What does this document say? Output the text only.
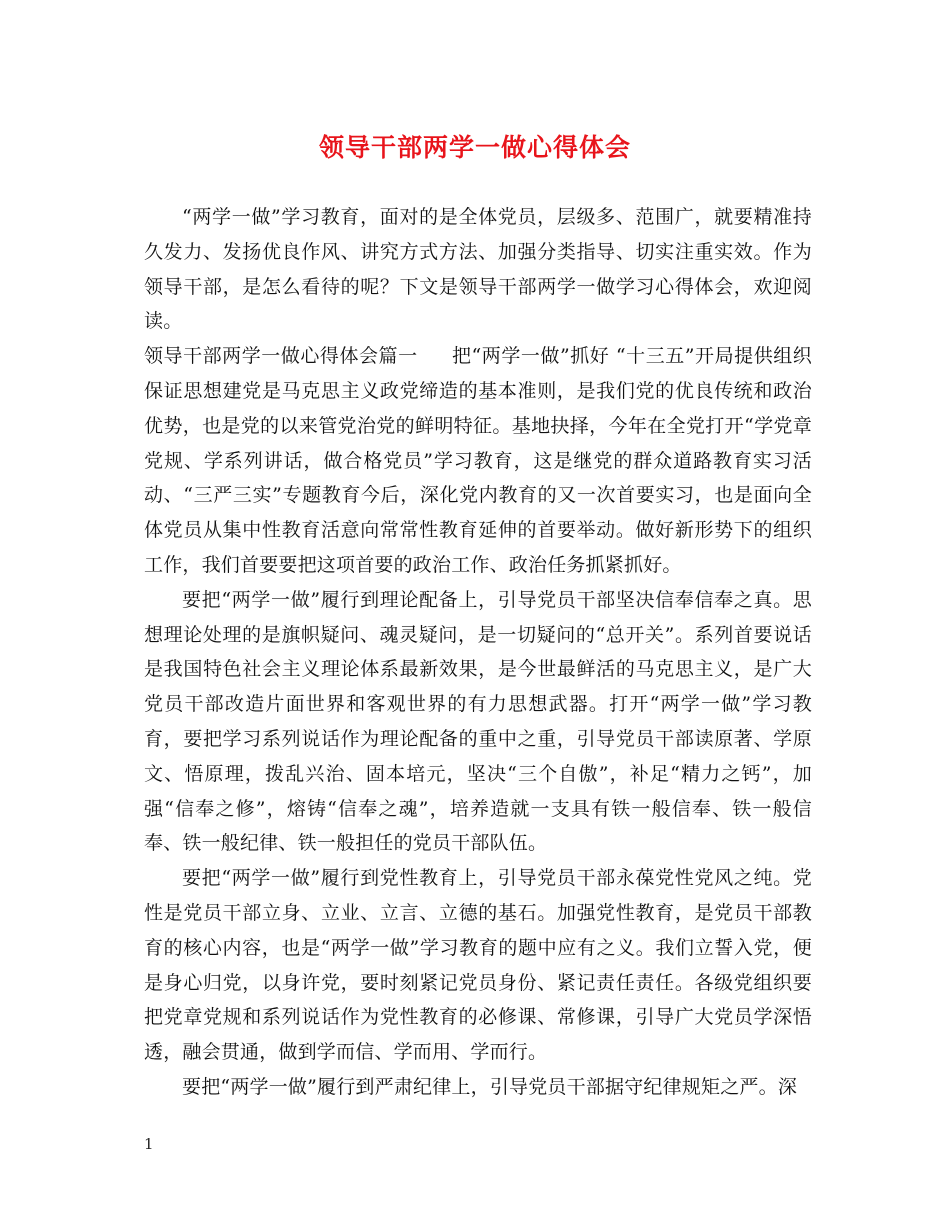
领导干部两学一做心得体会

“两学一做”学习教育，面对的是全体党员，层级多、范围广，就要精准持久发力、发扬优良作风、讲究方式方法、加强分类指导、切实注重实效。作为领导干部，是怎么看待的呢？下文是领导干部两学一做学习心得体会，欢迎阅读。

领导干部两学一做心得体会篇一 把“两学一做”抓好 “十三五”开局提供组织保证思想建党是马克思主义政党缔造的基本准则，是我们党的优良传统和政治优势，也是党的以来管党治党的鲜明特征。基地抉择，今年在全党打开“学党章党规、学系列讲话，做合格党员”学习教育，这是继党的群众道路教育实习活动、“三严三实”专题教育今后，深化党内教育的又一次首要实习，也是面向全体党员从集中性教育活意向常常性教育延伸的首要举动。做好新形势下的组织工作，我们首要要把这项首要的政治工作、政治任务抓紧抓好。

要把“两学一做”履行到理论配备上，引导党员干部坚决信奉信奉之真。思想理论处理的是旗帜疑问、魂灵疑问，是一切疑问的“总开关”。系列首要说话是我国特色社会主义理论体系最新效果，是今世最鲜活的马克思主义，是广大党员干部改造片面世界和客观世界的有力思想武器。打开“两学一做”学习教育，要把学习系列说话作为理论配备的重中之重，引导党员干部读原著、学原文、悟原理，拨乱兴治、固本培元，坚决“三个自傲”，补足“精力之钙”，加强“信奉之修”，熔铸“信奉之魂”，培养造就一支具有铁一般信奉、铁一般信奉、铁一般纪律、铁一般担任的党员干部队伍。

要把“两学一做”履行到党性教育上，引导党员干部永葆党性党风之纯。党性是党员干部立身、立业、立言、立德的基石。加强党性教育，是党员干部教育的核心内容，也是“两学一做”学习教育的题中应有之义。我们立誓入党，便是身心归党，以身许党，要时刻紧记党员身份、紧记责任责任。各级党组织要把党章党规和系列说话作为党性教育的必修课、常修课，引导广大党员学深悟透，融会贯通，做到学而信、学而用、学而行。

要把“两学一做”履行到严肃纪律上，引导党员干部据守纪律规矩之严。深

1
